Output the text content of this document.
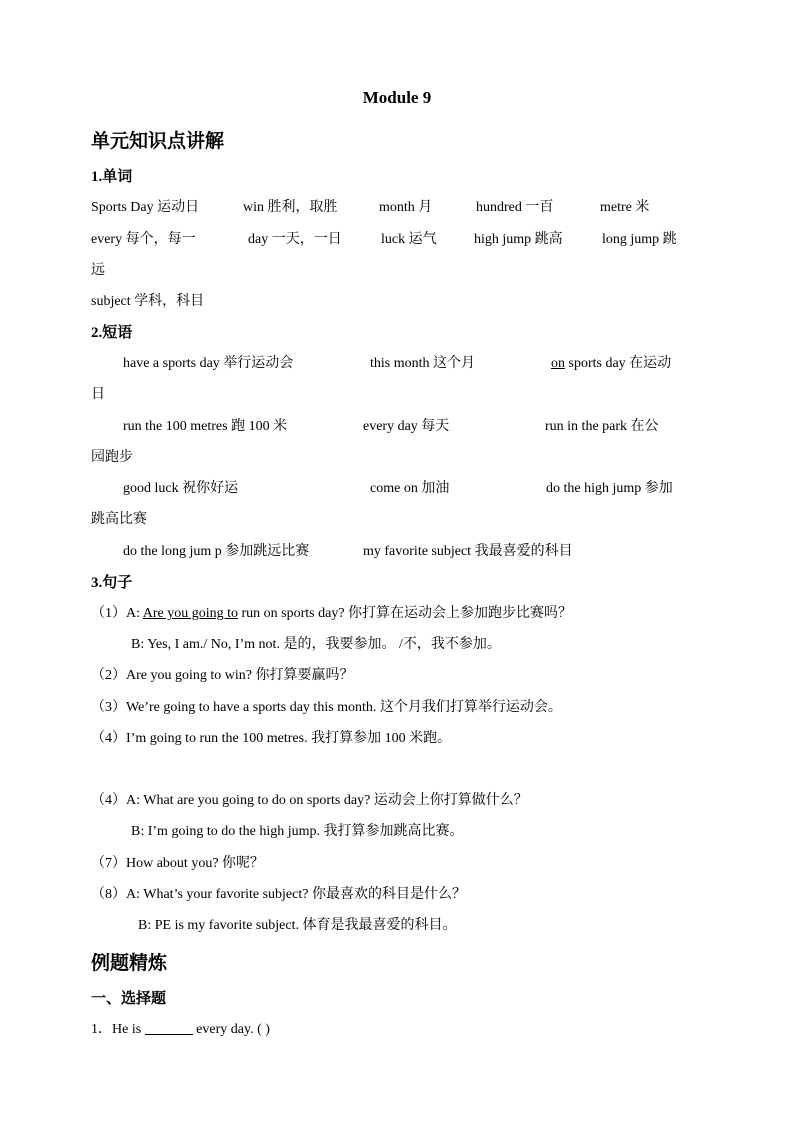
Module 9
单元知识点讲解
1.单词
Sports Day 运动日	win 胜利，取胜	month 月	hundred 一百	metre 米
every 每个，每一	day 一天，一日	luck 运气	high jump 跳高	long jump 跳
远
subject 学科，科目
2.短语
have a sports day 举行运动会	this month 这个月	on sports day 在运动
日
run the 100 metres 跑 100 米	every day 每天	run in the park 在公
园跑步
good luck 祝你好运	come on 加油	do the high jump 参加
跳高比赛
do the long jum p 参加跳远比赛	my favorite subject 我最喜爱的科目
3.句子
（1）A: Are you going to run on sports day? 你打算在运动会上参加跑步比赛吗？
B: Yes, I am./ No, I’m not. 是的，我要参加。 /不，我不参加。
（2）Are you going to win? 你打算要赢吗？
（3）We’re going to have a sports day this month. 这个月我们打算举行运动会。
（4）I’m going to run the 100 metres. 我打算参加 100 米跑。
（4）A: What are you going to do on sports day? 运动会上你打算做什么？
B: I’m going to do the high jump. 我打算参加跳高比赛。
（7）How about you? 你呢？
（8）A: What’s your favorite subject? 你最喜欢的科目是什么？
B: PE is my favorite subject. 体育是我最喜爱的科目。
例题精炼
一、选择题
1．He is	every day. ( )
